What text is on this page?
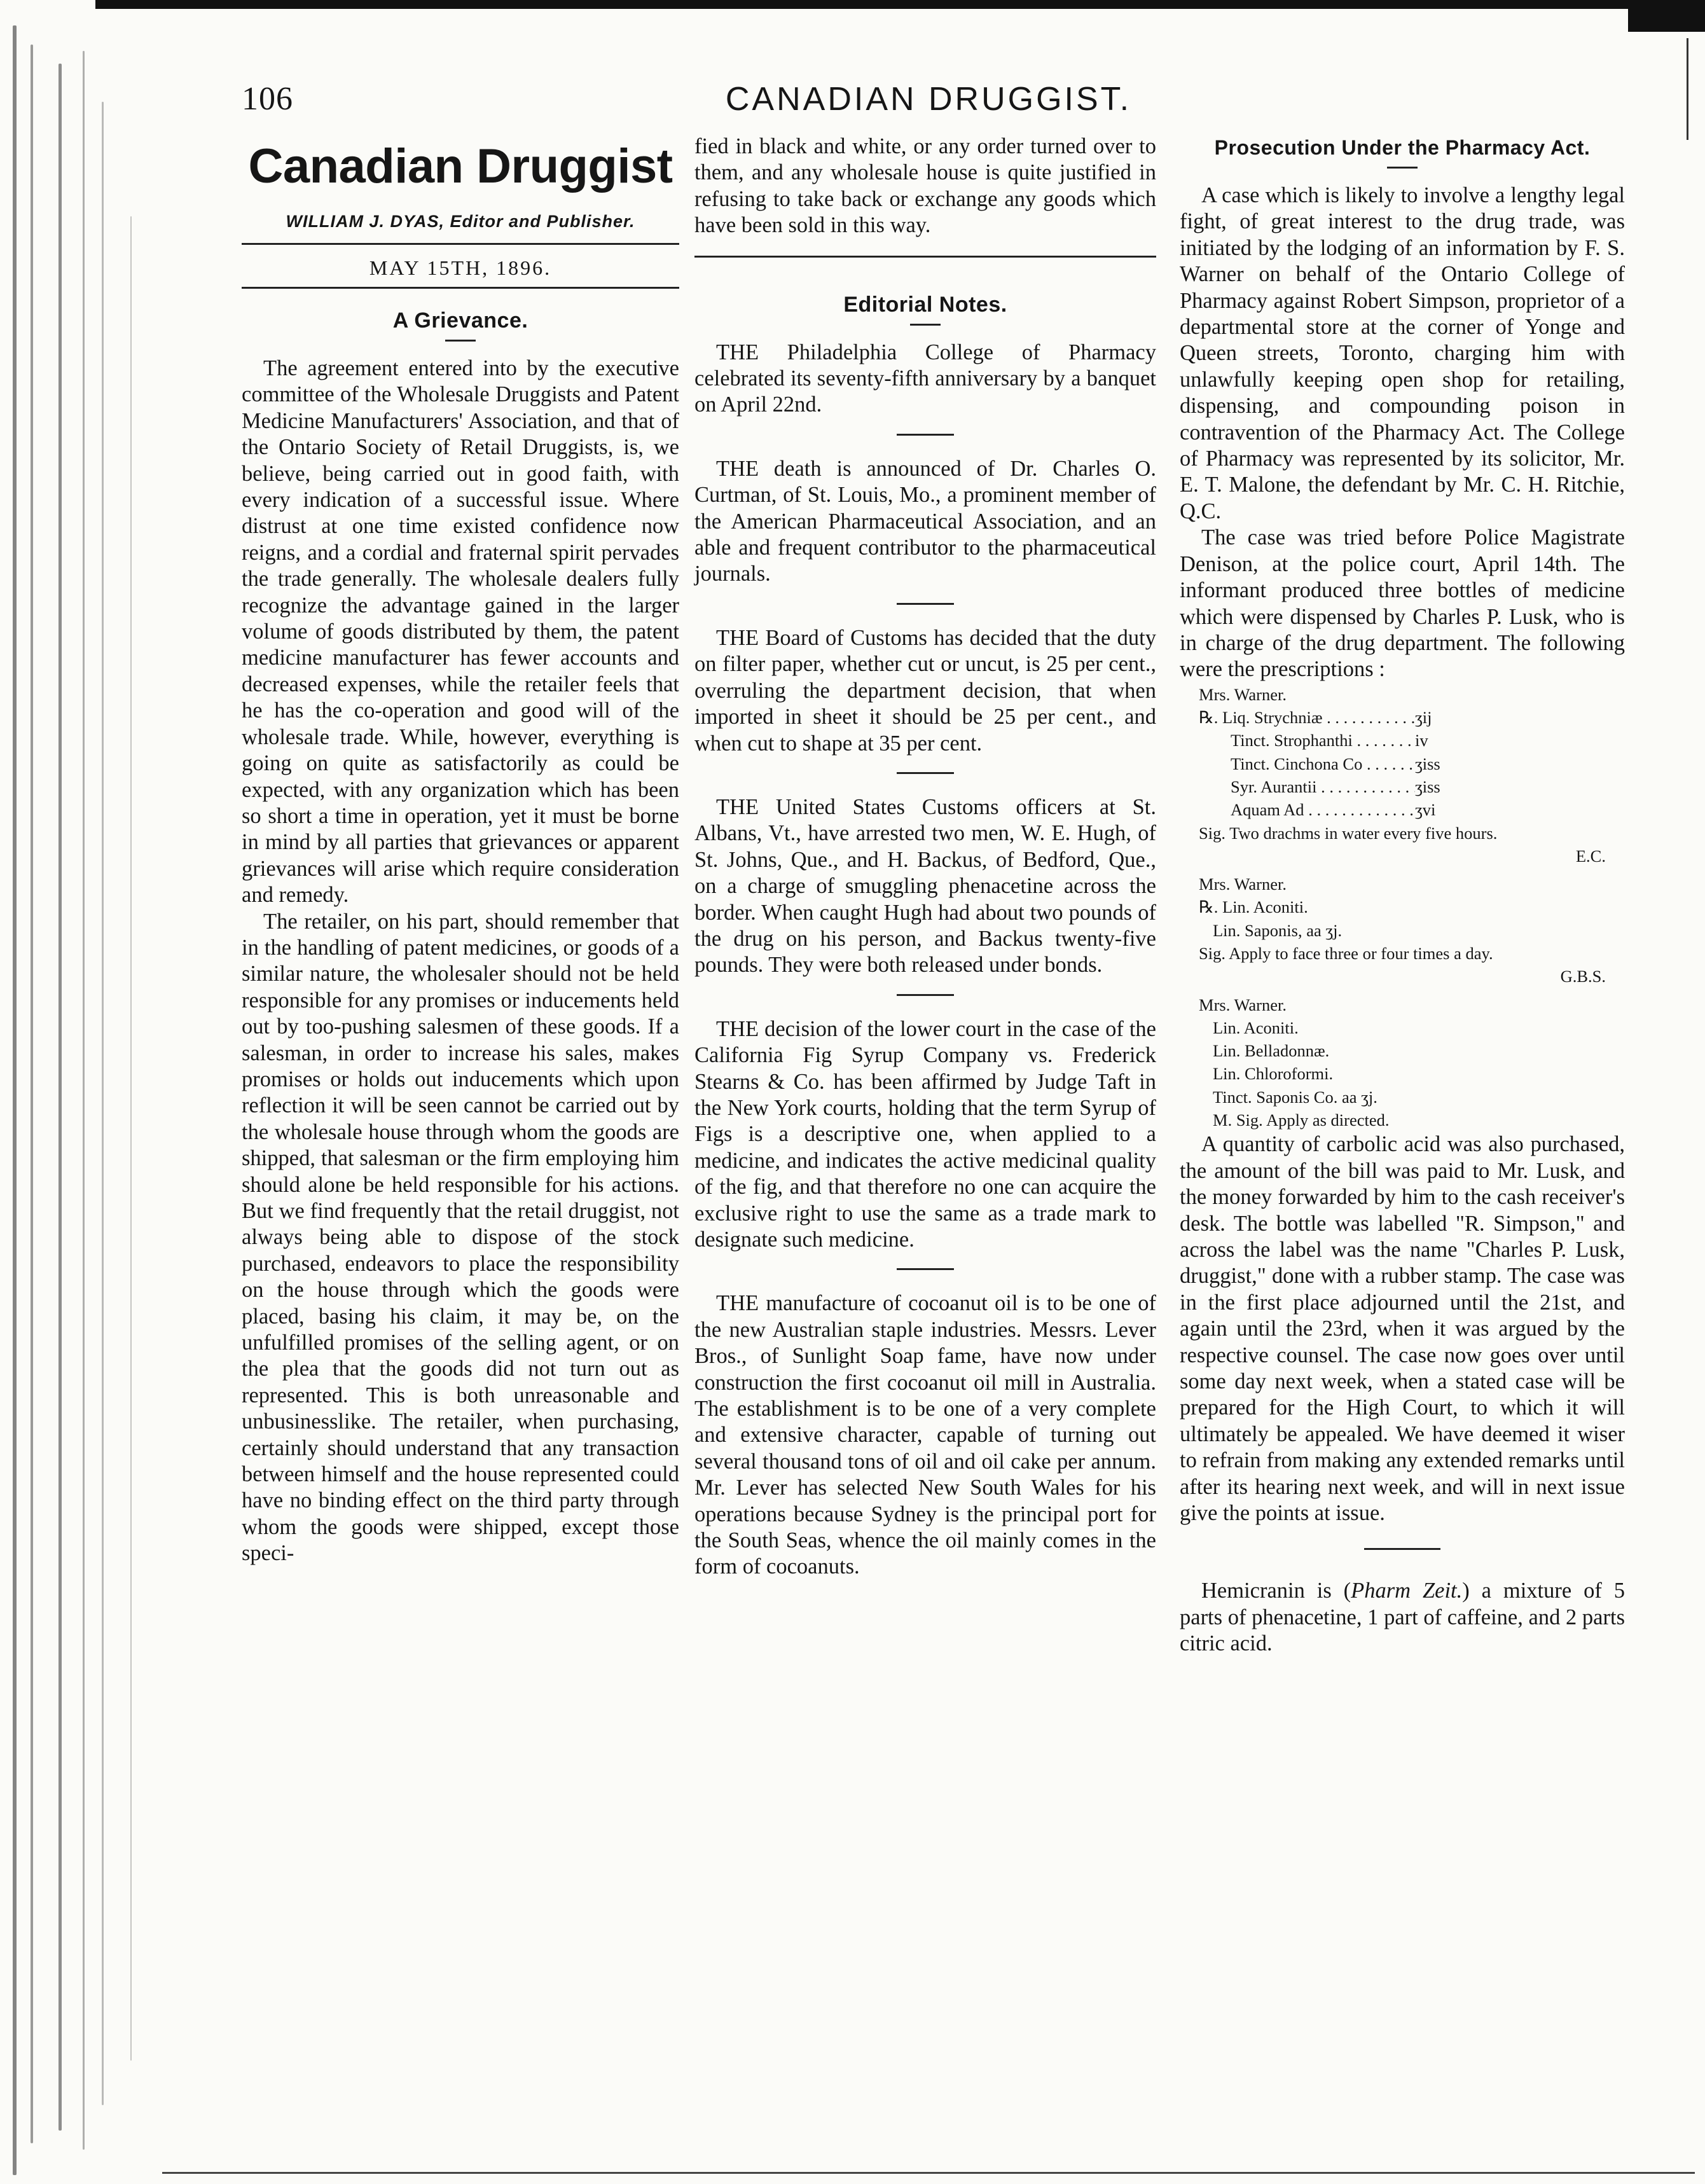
106	CANADIAN DRUGGIST.
Canadian Druggist
WILLIAM J. DYAS, Editor and Publisher.
MAY 15TH, 1896.
A Grievance.

The agreement entered into by the executive committee of the Wholesale Druggists and Patent Medicine Manufacturers' Association, and that of the Ontario Society of Retail Druggists, is, we believe, being carried out in good faith, with every indication of a successful issue. Where distrust at one time existed confidence now reigns, and a cordial and fraternal spirit pervades the trade generally. The wholesale dealers fully recognize the advantage gained in the larger volume of goods distributed by them, the patent medicine manufacturer has fewer accounts and decreased expenses, while the retailer feels that he has the co-operation and good will of the wholesale trade. While, however, everything is going on quite as satisfactorily as could be expected, with any organization which has been so short a time in operation, yet it must be borne in mind by all parties that grievances or apparent grievances will arise which require consideration and remedy.

The retailer, on his part, should remember that in the handling of patent medicines, or goods of a similar nature, the wholesaler should not be held responsible for any promises or inducements held out by too-pushing salesmen of these goods. If a salesman, in order to increase his sales, makes promises or holds out inducements which upon reflection it will be seen cannot be carried out by the wholesale house through whom the goods are shipped, that salesman or the firm employing him should alone be held responsible for his actions. But we find frequently that the retail druggist, not always being able to dispose of the stock purchased, endeavors to place the responsibility on the house through which the goods were placed, basing his claim, it may be, on the unfulfilled promises of the selling agent, or on the plea that the goods did not turn out as represented. This is both unreasonable and unbusinesslike. The retailer, when purchasing, certainly should understand that any transaction between himself and the house represented could have no binding effect on the third party through whom the goods were shipped, except those speci-

fied in black and white, or any order turned over to them, and any wholesale house is quite justified in refusing to take back or exchange any goods which have been sold in this way.

Editorial Notes.

THE Philadelphia College of Pharmacy celebrated its seventy-fifth anniversary by a banquet on April 22nd.

THE death is announced of Dr. Charles O. Curtman, of St. Louis, Mo., a prominent member of the American Pharmaceutical Association, and an able and frequent contributor to the pharmaceutical journals.

THE Board of Customs has decided that the duty on filter paper, whether cut or uncut, is 25 per cent., overruling the department decision, that when imported in sheet it should be 25 per cent., and when cut to shape at 35 per cent.

THE United States Customs officers at St. Albans, Vt., have arrested two men, W. E. Hugh, of St. Johns, Que., and H. Backus, of Bedford, Que., on a charge of smuggling phenacetine across the border. When caught Hugh had about two pounds of the drug on his person, and Backus twenty-five pounds. They were both released under bonds.

THE decision of the lower court in the case of the California Fig Syrup Company vs. Frederick Stearns & Co. has been affirmed by Judge Taft in the New York courts, holding that the term Syrup of Figs is a descriptive one, when applied to a medicine, and indicates the active medicinal quality of the fig, and that therefore no one can acquire the exclusive right to use the same as a trade mark to designate such medicine.

THE manufacture of cocoanut oil is to be one of the new Australian staple industries. Messrs. Lever Bros., of Sunlight Soap fame, have now under construction the first cocoanut oil mill in Australia. The establishment is to be one of a very complete and extensive character, capable of turning out several thousand tons of oil and oil cake per annum. Mr. Lever has selected New South Wales for his operations because Sydney is the principal port for the South Seas, whence the oil mainly comes in the form of cocoanuts.

Prosecution Under the Pharmacy Act.

A case which is likely to involve a lengthy legal fight, of great interest to the drug trade, was initiated by the lodging of an information by F. S. Warner on behalf of the Ontario College of Pharmacy against Robert Simpson, proprietor of a departmental store at the corner of Yonge and Queen streets, Toronto, charging him with unlawfully keeping open shop for retailing, dispensing, and compounding poison in contravention of the Pharmacy Act. The College of Pharmacy was represented by its solicitor, Mr. E. T. Malone, the defendant by Mr. C. H. Ritchie, Q.C.

The case was tried before Police Magistrate Denison, at the police court, April 14th. The informant produced three bottles of medicine which were dispensed by Charles P. Lusk, who is in charge of the drug department. The following were the prescriptions :

Mrs. Warner.
℞. Liq. Strychniæ . . .	ʒij
Tinct. Strophanthi . . .	iv
Tinct. Cinchona Co . . .	ʒiss
Syr. Aurantii . . .	ʒiss
Aquam Ad . . .	ʒvi
Sig. Two drachms in water every five hours.
E.C.
Mrs. Warner.
℞. Lin. Aconiti.
Lin. Saponis, aa ʒj.
Sig. Apply to face three or four times a day.
G.B.S.
Mrs. Warner.
Lin. Aconiti.
Lin. Belladonnæ.
Lin. Chloroformi.
Tinct. Saponis Co. aa ʒj.
M. Sig. Apply as directed.

A quantity of carbolic acid was also purchased, the amount of the bill was paid to Mr. Lusk, and the money forwarded by him to the cash receiver's desk. The bottle was labelled "R. Simpson," and across the label was the name "Charles P. Lusk, druggist," done with a rubber stamp. The case was in the first place adjourned until the 21st, and again until the 23rd, when it was argued by the respective counsel. The case now goes over until some day next week, when a stated case will be prepared for the High Court, to which it will ultimately be appealed. We have deemed it wiser to refrain from making any extended remarks until after its hearing next week, and will in next issue give the points at issue.

Hemicranin is (Pharm Zeit.) a mixture of 5 parts of phenacetine, 1 part of caffeine, and 2 parts citric acid.
